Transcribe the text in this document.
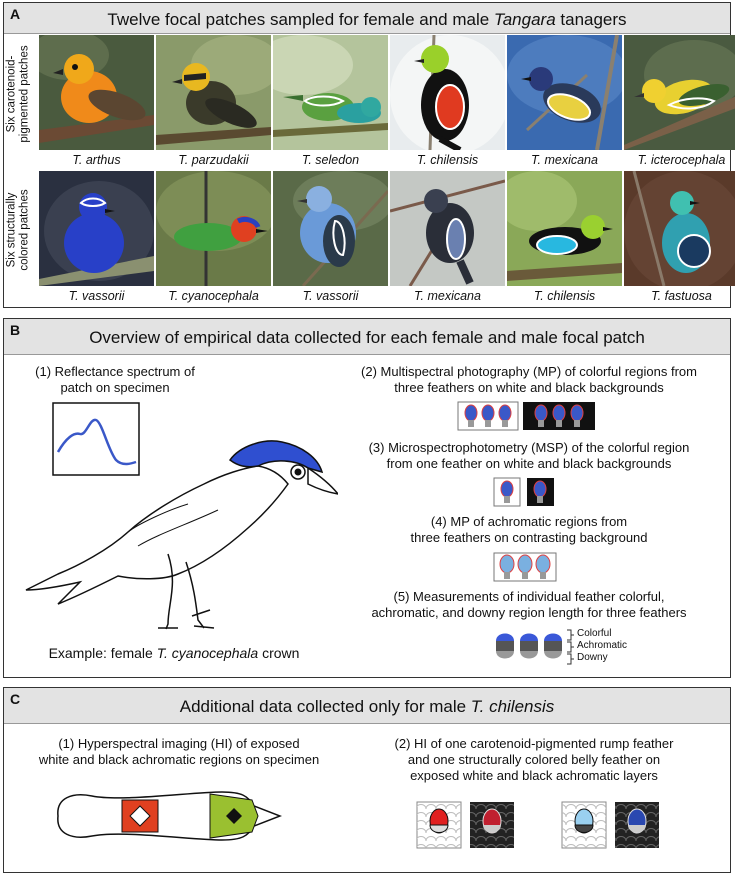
A	Twelve focal patches sampled for female and male Tangara tanagers
Six carotenoid- pigmented patches
Six structurally colored patches
T. arthus	T. parzudakii	T. seledon	T. chilensis	T. mexicana	T. icterocephala
T. vassorii	T. cyanocephala	T. vassorii	T. mexicana	T. chilensis	T. fastuosa
B	Overview of empirical data collected for each female and male focal patch
(1) Reflectance spectrum of
patch on specimen
Example: female T. cyanocephala crown
(2) Multispectral photography (MP) of colorful regions from
three feathers on white and black backgrounds
(3) Microspectrophotometry (MSP) of the colorful region
from one feather on white and black backgrounds
(4) MP of achromatic regions from
three feathers on contrasting background
(5) Measurements of individual feather colorful,
achromatic, and downy region length for three feathers
Colorful
Achromatic
Downy
C	Additional data collected only for male T. chilensis
(1) Hyperspectral imaging (HI) of exposed
white and black achromatic regions on specimen
(2) HI of one carotenoid-pigmented rump feather
and one structurally colored belly feather on
exposed white and black achromatic layers
